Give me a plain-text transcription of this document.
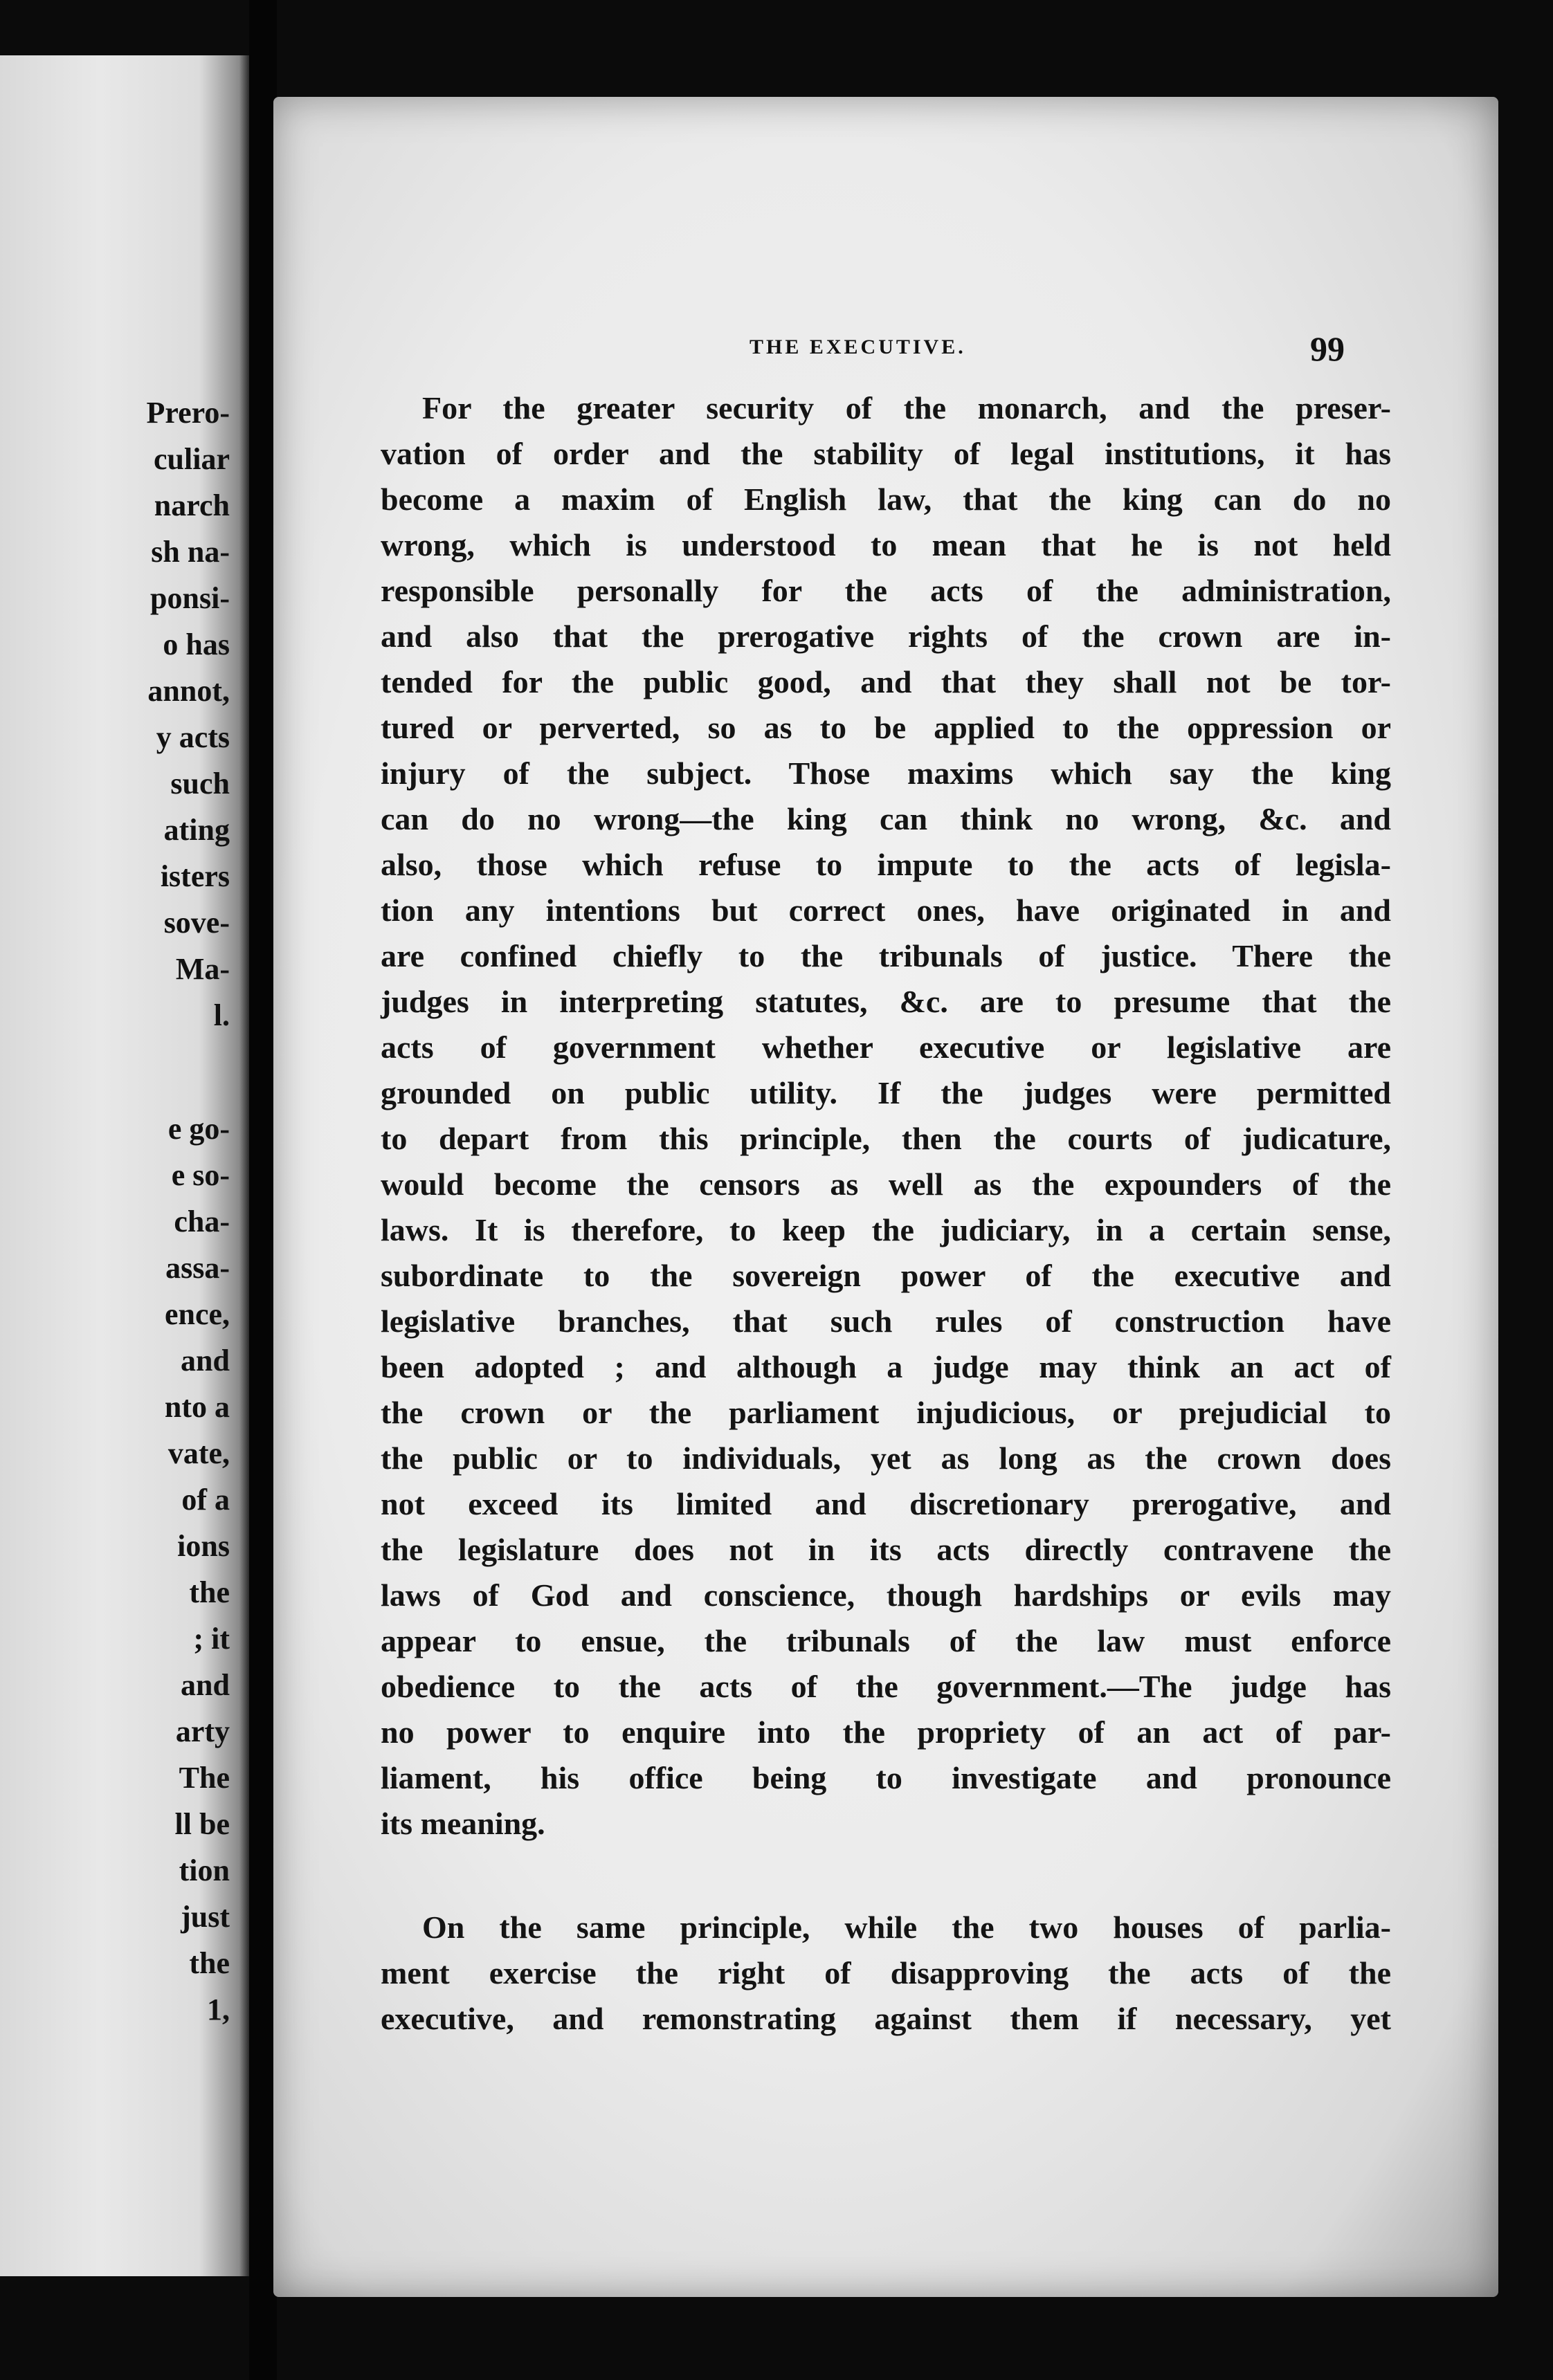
Prero-
culiar
narch
sh na-
ponsi-
o has
annot,
y acts
such
ating
isters
sove-
Ma-
l.
e go-
e so-
cha-
assa-
ence,
and
nto a
vate,
of a
ions
the
; it
and
arty
The
ll be
tion
just
the
1,
THE EXECUTIVE.	99
For the greater security of the monarch, and the preser-
vation of order and the stability of legal institutions, it has
become a maxim of English law, that the king can do no
wrong, which is understood to mean that he is not held
responsible personally for the acts of the administration,
and also that the prerogative rights of the crown are in-
tended for the public good, and that they shall not be tor-
tured or perverted, so as to be applied to the oppression or
injury of the subject. Those maxims which say the king
can do no wrong—the king can think no wrong, &c. and
also, those which refuse to impute to the acts of legisla-
tion any intentions but correct ones, have originated in and
are confined chiefly to the tribunals of justice. There the
judges in interpreting statutes, &c. are to presume that the
acts of government whether executive or legislative are
grounded on public utility. If the judges were permitted
to depart from this principle, then the courts of judicature,
would become the censors as well as the expounders of the
laws. It is therefore, to keep the judiciary, in a certain sense,
subordinate to the sovereign power of the executive and
legislative branches, that such rules of construction have
been adopted ; and although a judge may think an act of
the crown or the parliament injudicious, or prejudicial to
the public or to individuals, yet as long as the crown does
not exceed its limited and discretionary prerogative, and
the legislature does not in its acts directly contravene the
laws of God and conscience, though hardships or evils may
appear to ensue, the tribunals of the law must enforce
obedience to the acts of the government.—The judge has
no power to enquire into the propriety of an act of par-
liament, his office being to investigate and pronounce
its meaning.
On the same principle, while the two houses of parlia-
ment exercise the right of disapproving the acts of the
executive, and remonstrating against them if necessary, yet
